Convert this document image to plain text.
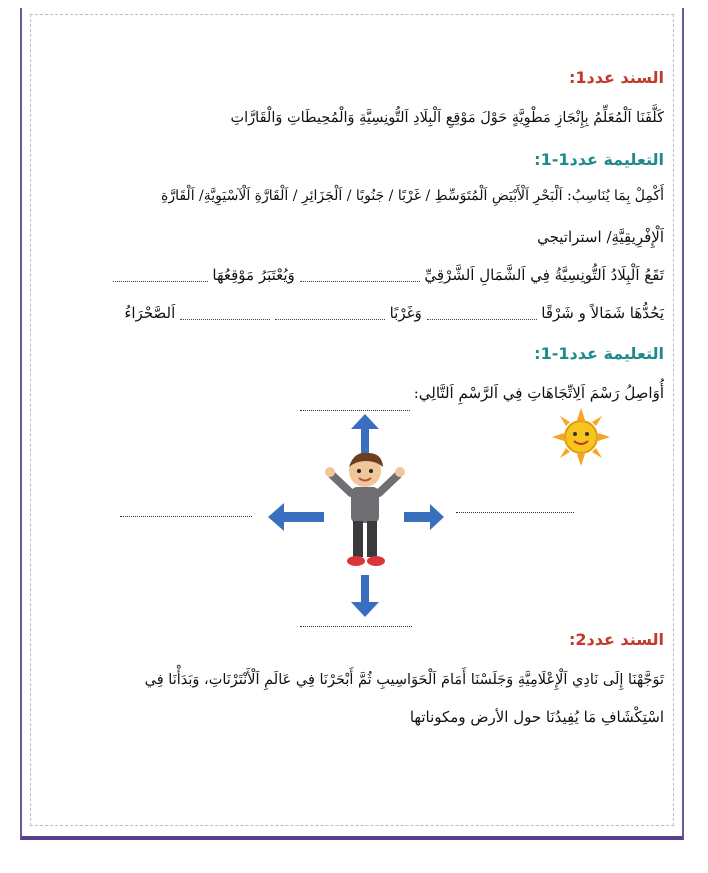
السند عدد1:
كَلَّفَنَا اَلْمُعَلِّمُ بِإِنْجَازِ مَطْوِيَّةٍ حَوْلَ مَوْقِعِ اَلْبِلَادِ اَلتُّونِسِيَّةِ وَالْمُحِيطَاتِ وَالْقَارَّاتِ
التعليمة عدد1-1:
أَكْمِلْ بِمَا يُنَاسِبُ: اَلْبَحْرِ اَلْأَبْيَضِ اَلْمُتَوَسِّطِ / غَرْبًا / جَنُوبًا / اَلْجَزَائِرِ / اَلْقَارَّةِ اَلْآسْيَوِيَّةِ/ اَلْقَارَّةِ
اَلْإِفْرِيقِيَّةِ/ استراتيجي
تَقَعُ اَلْبِلَادُ اَلتُّونِسِيَّةُ فِي اَلشَّمَالِ اَلشَّرْقِيِّ  وَيُعْتَبَرُ مَوْقِعُهَا
يَحُدُّهَا شَمَالاً و شَرْقًا  وَغَرْبًا   اَلصَّحْرَاءُ
التعليمة عدد1-1:
أُوَاصِلُ رَسْمَ اَلِاتِّجَاهَاتِ فِي اَلرَّسْمِ اَلتَّالِي:
السند عدد2:
تَوَجَّهْنَا إِلَى نَادِي اَلْإِعْلَامِيَّةِ وَجَلَسْنَا أَمَامَ اَلْحَوَاسِيبِ ثُمَّ أَبْحَرْنَا فِي عَالَمِ اَلْأَنْتَرْنَاتِ، وَبَدَأْنَا فِي
اسْتِكْشَافِ مَا يُفِيدُنَا حول الأرض ومكوناتها
